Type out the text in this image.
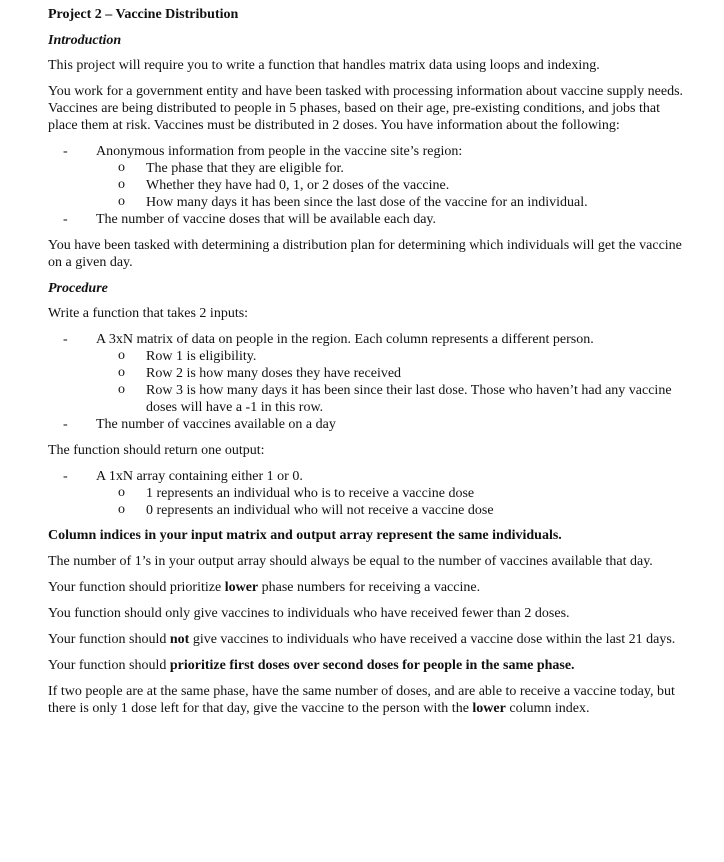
Project 2 – Vaccine Distribution
Introduction

This project will require you to write a function that handles matrix data using loops and indexing.

You work for a government entity and have been tasked with processing information about vaccine supply needs. Vaccines are being distributed to people in 5 phases, based on their age, pre-existing conditions, and jobs that place them at risk. Vaccines must be distributed in 2 doses. You have information about the following:

- Anonymous information from people in the vaccine site’s region:
o The phase that they are eligible for.
o Whether they have had 0, 1, or 2 doses of the vaccine.
o How many days it has been since the last dose of the vaccine for an individual.
- The number of vaccine doses that will be available each day.

You have been tasked with determining a distribution plan for determining which individuals will get the vaccine on a given day.

Procedure

Write a function that takes 2 inputs:

- A 3xN matrix of data on people in the region. Each column represents a different person.
o Row 1 is eligibility.
o Row 2 is how many doses they have received
o Row 3 is how many days it has been since their last dose. Those who haven’t had any vaccine doses will have a -1 in this row.
- The number of vaccines available on a day

The function should return one output:

- A 1xN array containing either 1 or 0.
o 1 represents an individual who is to receive a vaccine dose
o 0 represents an individual who will not receive a vaccine dose

Column indices in your input matrix and output array represent the same individuals.

The number of 1’s in your output array should always be equal to the number of vaccines available that day.

Your function should prioritize lower phase numbers for receiving a vaccine.

You function should only give vaccines to individuals who have received fewer than 2 doses.

Your function should not give vaccines to individuals who have received a vaccine dose within the last 21 days.

Your function should prioritize first doses over second doses for people in the same phase.

If two people are at the same phase, have the same number of doses, and are able to receive a vaccine today, but there is only 1 dose left for that day, give the vaccine to the person with the lower column index.
